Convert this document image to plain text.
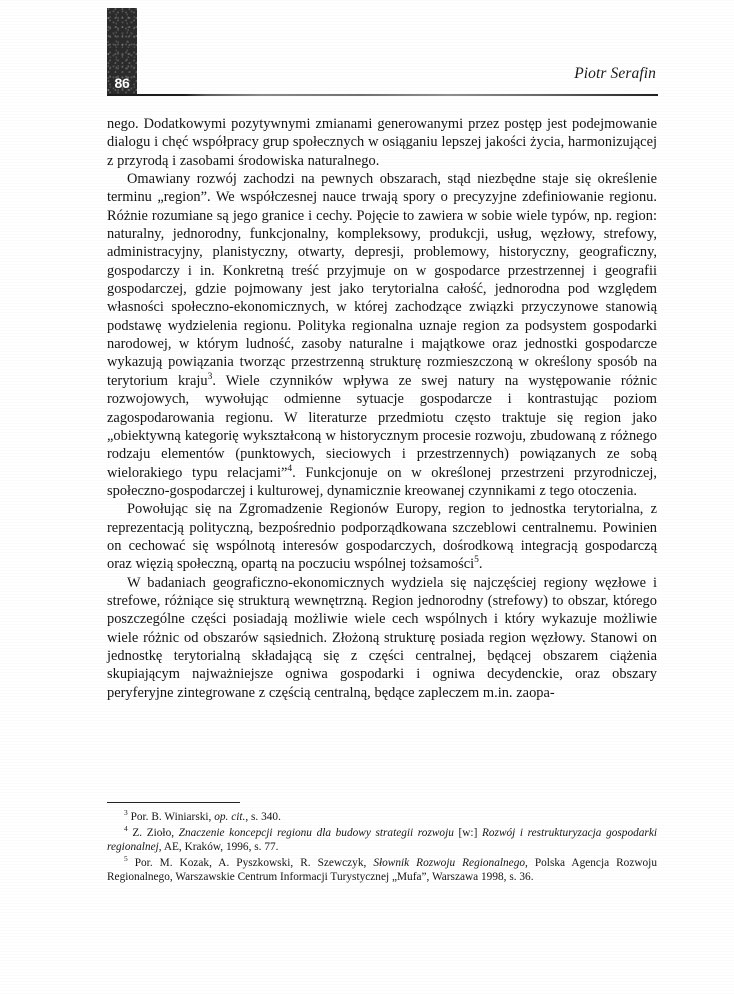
86
Piotr Serafin

nego. Dodatkowymi pozytywnymi zmianami generowanymi przez postęp jest podejmowanie dialogu i chęć współpracy grup społecznych w osiąganiu lepszej jakości życia, harmonizującej z przyrodą i zasobami środowiska naturalnego.

Omawiany rozwój zachodzi na pewnych obszarach, stąd niezbędne staje się określenie terminu „region”. We współczesnej nauce trwają spory o precyzyjne zdefiniowanie regionu. Różnie rozumiane są jego granice i cechy. Pojęcie to zawiera w sobie wiele typów, np. region: naturalny, jednorodny, funkcjonalny, kompleksowy, produkcji, usług, węzłowy, strefowy, administracyjny, planistyczny, otwarty, depresji, problemowy, historyczny, geograficzny, gospodarczy i in. Konkretną treść przyjmuje on w gospodarce przestrzennej i geografii gospodarczej, gdzie pojmowany jest jako terytorialna całość, jednorodna pod względem własności społeczno-ekonomicznych, w której zachodzące związki przyczynowe stanowią podstawę wydzielenia regionu. Polityka regionalna uznaje region za podsystem gospodarki narodowej, w którym ludność, zasoby naturalne i majątkowe oraz jednostki gospodarcze wykazują powiązania tworząc przestrzenną strukturę rozmieszczoną w określony sposób na terytorium kraju$^3$. Wiele czynników wpływa ze swej natury na występowanie różnic rozwojowych, wywołując odmienne sytuacje gospodarcze i kontrastując poziom zagospodarowania regionu. W literaturze przedmiotu często traktuje się region jako „obiektywną kategorię wykształconą w historycznym procesie rozwoju, zbudowaną z różnego rodzaju elementów (punktowych, sieciowych i przestrzennych) powiązanych ze sobą wielorakiego typu relacjami”$^4$. Funkcjonuje on w określonej przestrzeni przyrodniczej, społeczno-gospodarczej i kulturowej, dynamicznie kreowanej czynnikami z tego otoczenia.

Powołując się na Zgromadzenie Regionów Europy, region to jednostka terytorialna, z reprezentacją polityczną, bezpośrednio podporządkowana szczeblowi centralnemu. Powinien on cechować się wspólnotą interesów gospodarczych, dośrodkową integracją gospodarczą oraz więzią społeczną, opartą na poczuciu wspólnej tożsamości$^5$.

W badaniach geograficzno-ekonomicznych wydziela się najczęściej regiony węzłowe i strefowe, różniące się strukturą wewnętrzną. Region jednorodny (strefowy) to obszar, którego poszczególne części posiadają możliwie wiele cech wspólnych i który wykazuje możliwie wiele różnic od obszarów sąsiednich. Złożoną strukturę posiada region węzłowy. Stanowi on jednostkę terytorialną składającą się z części centralnej, będącej obszarem ciążenia skupiającym najważniejsze ogniwa gospodarki i ogniwa decydenckie, oraz obszary peryferyjne zintegrowane z częścią centralną, będące zapleczem m.in. zaopa-

$^3$ Por. B. Winiarski, op. cit., s. 340.

$^4$ Z. Zioło, Znaczenie koncepcji regionu dla budowy strategii rozwoju [w:] Rozwój i restrukturyzacja gospodarki regionalnej, AE, Kraków, 1996, s. 77.

$^5$ Por. M. Kozak, A. Pyszkowski, R. Szewczyk, Słownik Rozwoju Regionalnego, Polska Agencja Rozwoju Regionalnego, Warszawskie Centrum Informacji Turystycznej „Mufa”, Warszawa 1998, s. 36.
